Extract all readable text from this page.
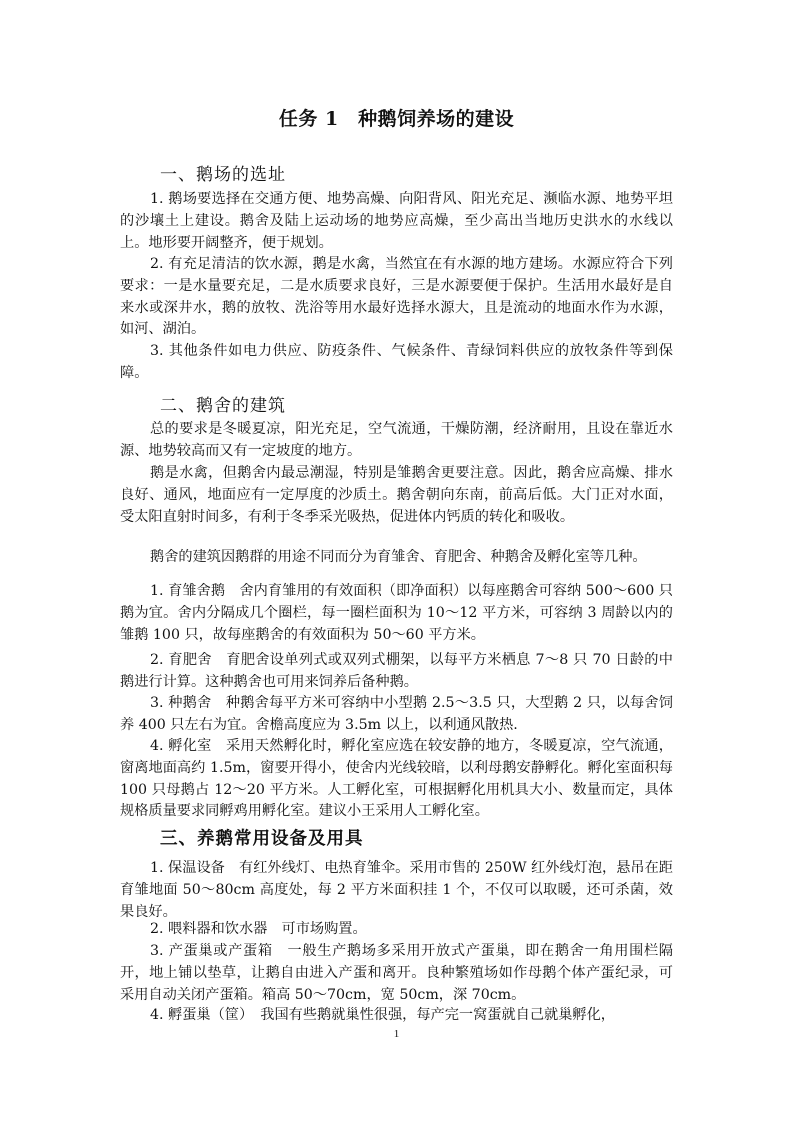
任务 1　种鹅饲养场的建设
一、鹅场的选址

1. 鹅场要选择在交通方便、地势高燥、向阳背风、阳光充足、濒临水源、地势平坦的沙壤土上建设。鹅舍及陆上运动场的地势应高燥，至少高出当地历史洪水的水线以上。地形要开阔整齐，便于规划。

2. 有充足清洁的饮水源，鹅是水禽，当然宜在有水源的地方建场。水源应符合下列要求：一是水量要充足，二是水质要求良好，三是水源要便于保护。生活用水最好是自来水或深井水，鹅的放牧、洗浴等用水最好选择水源大，且是流动的地面水作为水源，如河、湖泊。

3. 其他条件如电力供应、防疫条件、气候条件、青绿饲料供应的放牧条件等到保障。

二、鹅舍的建筑

总的要求是冬暖夏凉，阳光充足，空气流通，干燥防潮，经济耐用，且设在靠近水源、地势较高而又有一定坡度的地方。

鹅是水禽，但鹅舍内最忌潮湿，特别是雏鹅舍更要注意。因此，鹅舍应高燥、排水良好、通风，地面应有一定厚度的沙质土。鹅舍朝向东南，前高后低。大门正对水面，受太阳直射时间多，有利于冬季采光吸热，促进体内钙质的转化和吸收。

鹅舍的建筑因鹅群的用途不同而分为育雏舍、育肥舍、种鹅舍及孵化室等几种。

1. 育雏舍鹅　舍内育雏用的有效面积（即净面积）以每座鹅舍可容纳 500～600 只鹅为宜。舍内分隔成几个圈栏，每一圈栏面积为 10～12 平方米，可容纳 3 周龄以内的雏鹅 100 只，故每座鹅舍的有效面积为 50～60 平方米。

2. 育肥舍　育肥舍设单列式或双列式棚架，以每平方米栖息 7～8 只 70 日龄的中鹅进行计算。这种鹅舍也可用来饲养后备种鹅。

3. 种鹅舍　种鹅舍每平方米可容纳中小型鹅 2.5～3.5 只，大型鹅 2 只，以每舍饲养 400 只左右为宜。舍檐高度应为 3.5m 以上，以利通风散热.

4. 孵化室　采用天然孵化时，孵化室应选在较安静的地方，冬暖夏凉，空气流通，窗离地面高约 1.5m，窗要开得小，使舍内光线较暗，以利母鹅安静孵化。孵化室面积每 100 只母鹅占 12～20 平方米。人工孵化室，可根据孵化用机具大小、数量而定，具体规格质量要求同孵鸡用孵化室。建议小王采用人工孵化室。

三、养鹅常用设备及用具

1. 保温设备　有红外线灯、电热育雏伞。采用市售的 250W 红外线灯泡，悬吊在距育雏地面 50～80cm 高度处，每 2 平方米面积挂 1 个，不仅可以取暖，还可杀菌，效果良好。

2. 喂料器和饮水器　可市场购置。

3. 产蛋巢或产蛋箱　一般生产鹅场多采用开放式产蛋巢，即在鹅舍一角用围栏隔开，地上铺以垫草，让鹅自由进入产蛋和离开。良种繁殖场如作母鹅个体产蛋纪录，可采用自动关闭产蛋箱。箱高 50～70cm，宽 50cm，深 70cm。

4. 孵蛋巢（筐）　我国有些鹅就巢性很强，每产完一窝蛋就自己就巢孵化，

1
